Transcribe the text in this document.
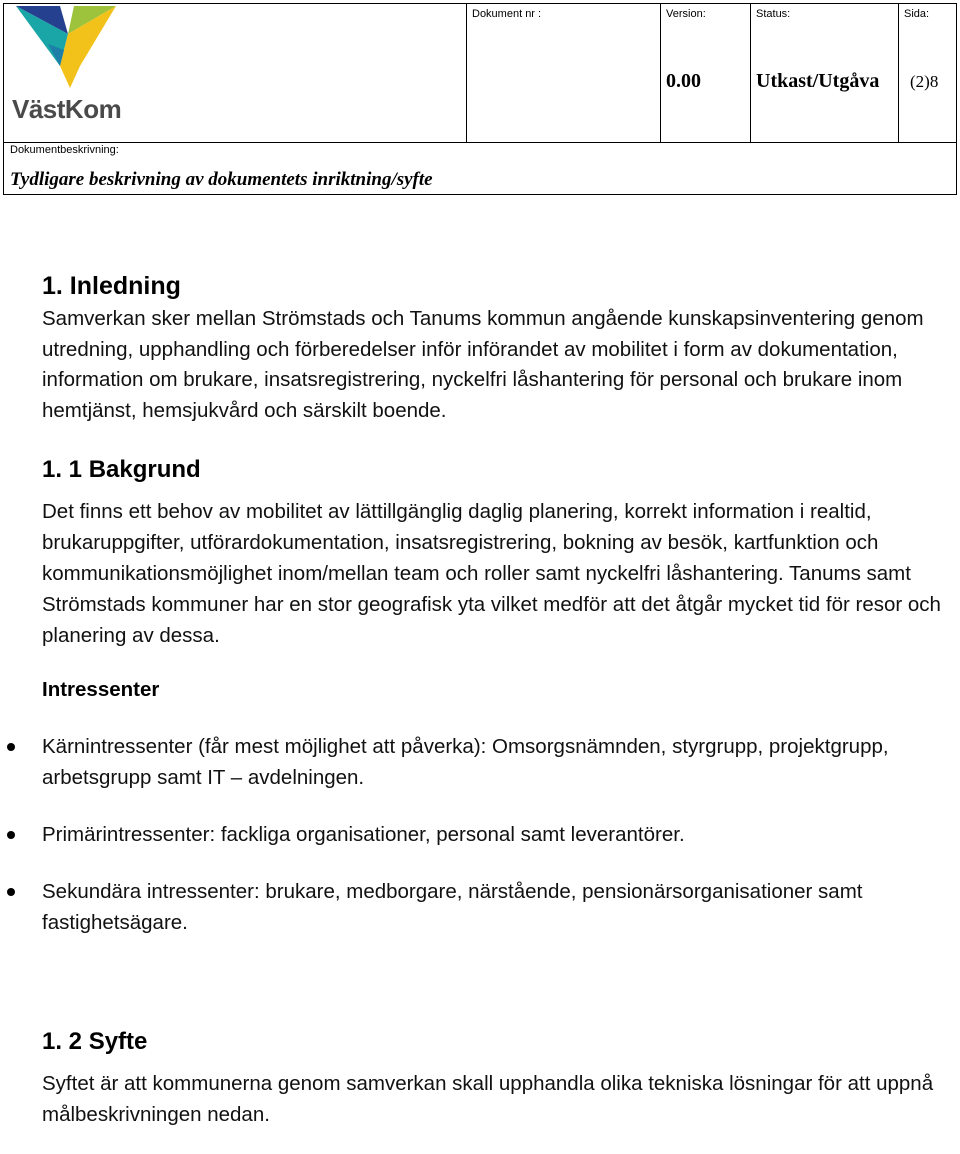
VästKom
Dokument nr :	Version:
0.00
Status:
Utkast/Utgåva
Sida:
(2)8
Dokumentbeskrivning:
Tydligare beskrivning av dokumentets inriktning/syfte
1. Inledning

Samverkan sker mellan Strömstads och Tanums kommun angående kunskapsinventering genom utredning, upphandling och förberedelser inför införandet av mobilitet i form av dokumentation, information om brukare, insatsregistrering, nyckelfri låshantering för personal och brukare inom hemtjänst, hemsjukvård och särskilt boende.

1. 1 Bakgrund

Det finns ett behov av mobilitet av lättillgänglig daglig planering, korrekt information i realtid, brukaruppgifter, utförardokumentation, insatsregistrering, bokning av besök, kartfunktion och kommunikationsmöjlighet inom/mellan team och roller samt nyckelfri låshantering. Tanums samt Strömstads kommuner har en stor geografisk yta vilket medför att det åtgår mycket tid för resor och planering av dessa.

Intressenter
Kärnintressenter (får mest möjlighet att påverka): Omsorgsnämnden, styrgrupp, projektgrupp, arbetsgrupp samt IT – avdelningen.
Primärintressenter: fackliga organisationer, personal samt leverantörer.
Sekundära intressenter: brukare, medborgare, närstående, pensionärsorganisationer samt fastighetsägare.
1. 2 Syfte

Syftet är att kommunerna genom samverkan skall upphandla olika tekniska lösningar för att uppnå målbeskrivningen nedan.
